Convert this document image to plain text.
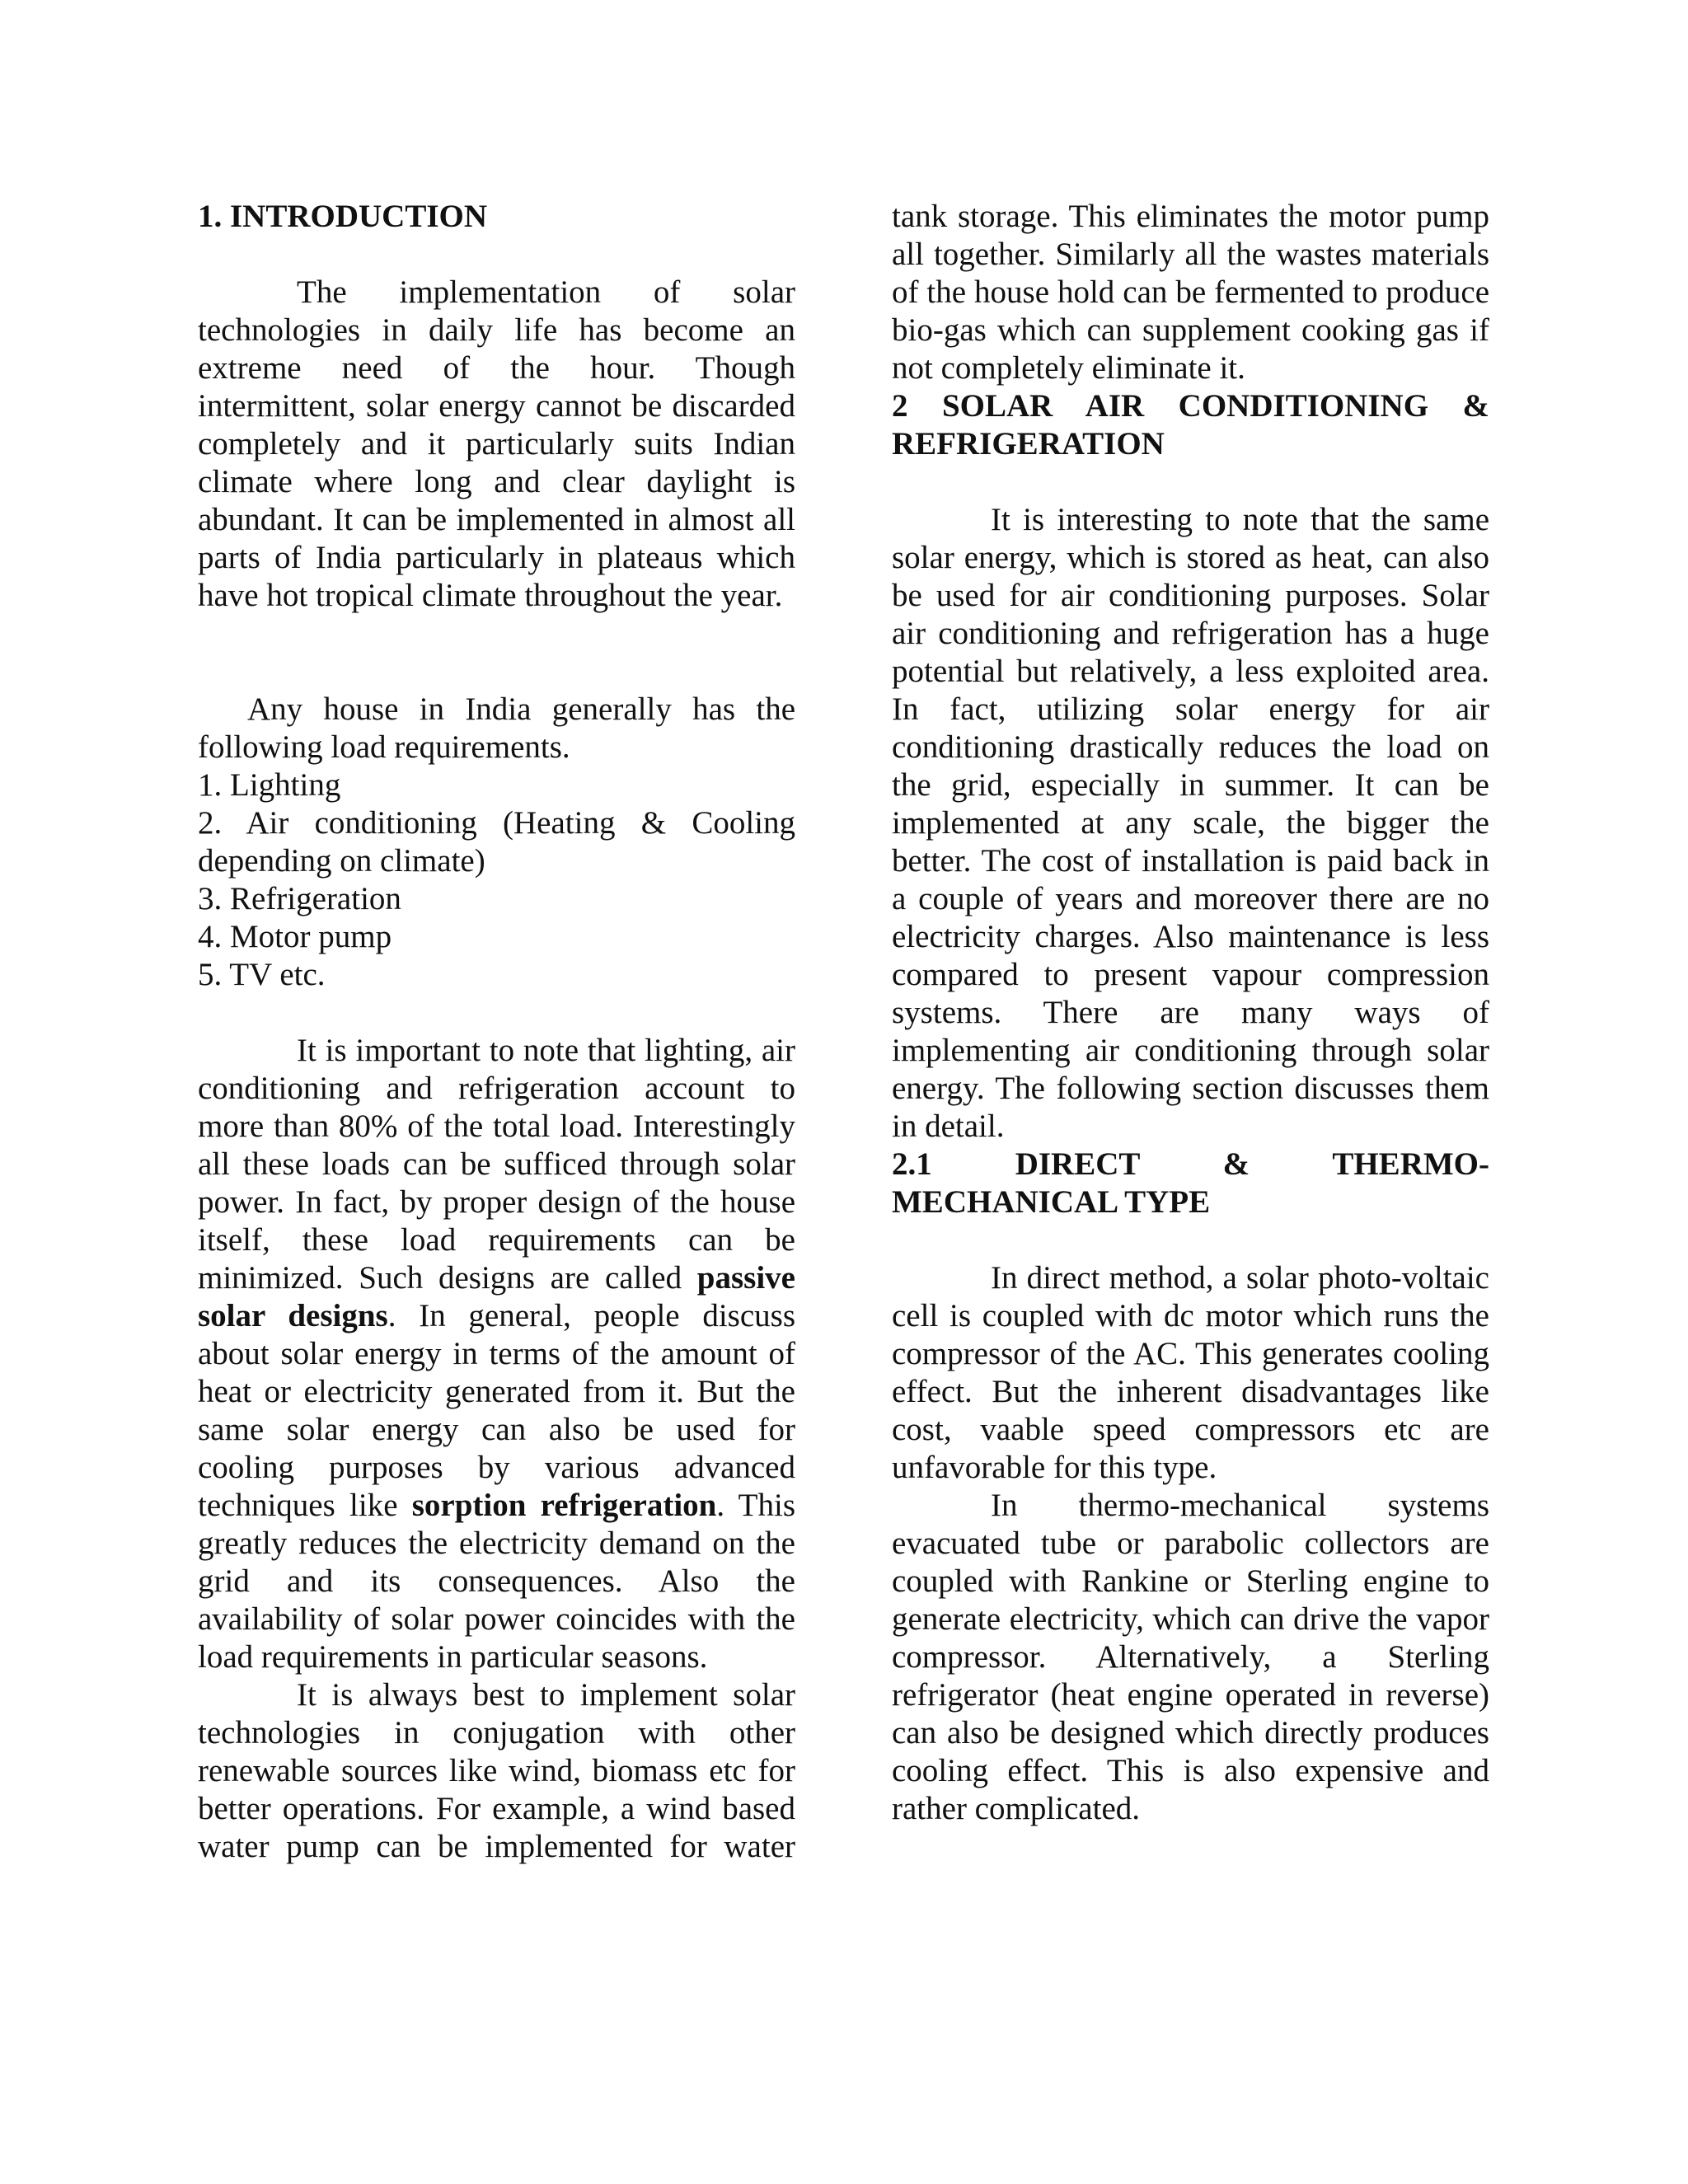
1. INTRODUCTION

The implementation of solar technologies in daily life has become an extreme need of the hour. Though intermittent, solar energy cannot be discarded completely and it particularly suits Indian climate where long and clear daylight is abundant. It can be implemented in almost all parts of India particularly in plateaus which have hot tropical climate throughout the year.

Any house in India generally has the following load requirements.

1. Lighting
2. Air conditioning (Heating & Cooling depending on climate)
3. Refrigeration
4. Motor pump
5. TV etc.

It is important to note that lighting, air conditioning and refrigeration account to more than 80% of the total load. Interestingly all these loads can be sufficed through solar power. In fact, by proper design of the house itself, these load requirements can be minimized. Such designs are called passive solar designs. In general, people discuss about solar energy in terms of the amount of heat or electricity generated from it. But the same solar energy can also be used for cooling purposes by various advanced techniques like sorption refrigeration. This greatly reduces the electricity demand on the grid and its consequences. Also the availability of solar power coincides with the load requirements in particular seasons.

It is always best to implement solar technologies in conjugation with other renewable sources like wind, biomass etc for better operations. For example, a wind based water pump can be implemented for water

tank storage. This eliminates the motor pump all together. Similarly all the wastes materials of the house hold can be fermented to produce bio-gas which can supplement cooking gas if not completely eliminate it.

2 SOLAR AIR CONDITIONING & REFRIGERATION

It is interesting to note that the same solar energy, which is stored as heat, can also be used for air conditioning purposes. Solar air conditioning and refrigeration has a huge potential but relatively, a less exploited area. In fact, utilizing solar energy for air conditioning drastically reduces the load on the grid, especially in summer. It can be implemented at any scale, the bigger the better. The cost of installation is paid back in a couple of years and moreover there are no electricity charges. Also maintenance is less compared to present vapour compression systems. There are many ways of implementing air conditioning through solar energy. The following section discusses them in detail.

2.1 DIRECT & THERMO-MECHANICAL TYPE

In direct method, a solar photo-voltaic cell is coupled with dc motor which runs the compressor of the AC. This generates cooling effect. But the inherent disadvantages like cost, vaable speed compressors etc are unfavorable for this type.

In thermo-mechanical systems evacuated tube or parabolic collectors are coupled with Rankine or Sterling engine to generate electricity, which can drive the vapor compressor. Alternatively, a Sterling refrigerator (heat engine operated in reverse) can also be designed which directly produces cooling effect. This is also expensive and rather complicated.
